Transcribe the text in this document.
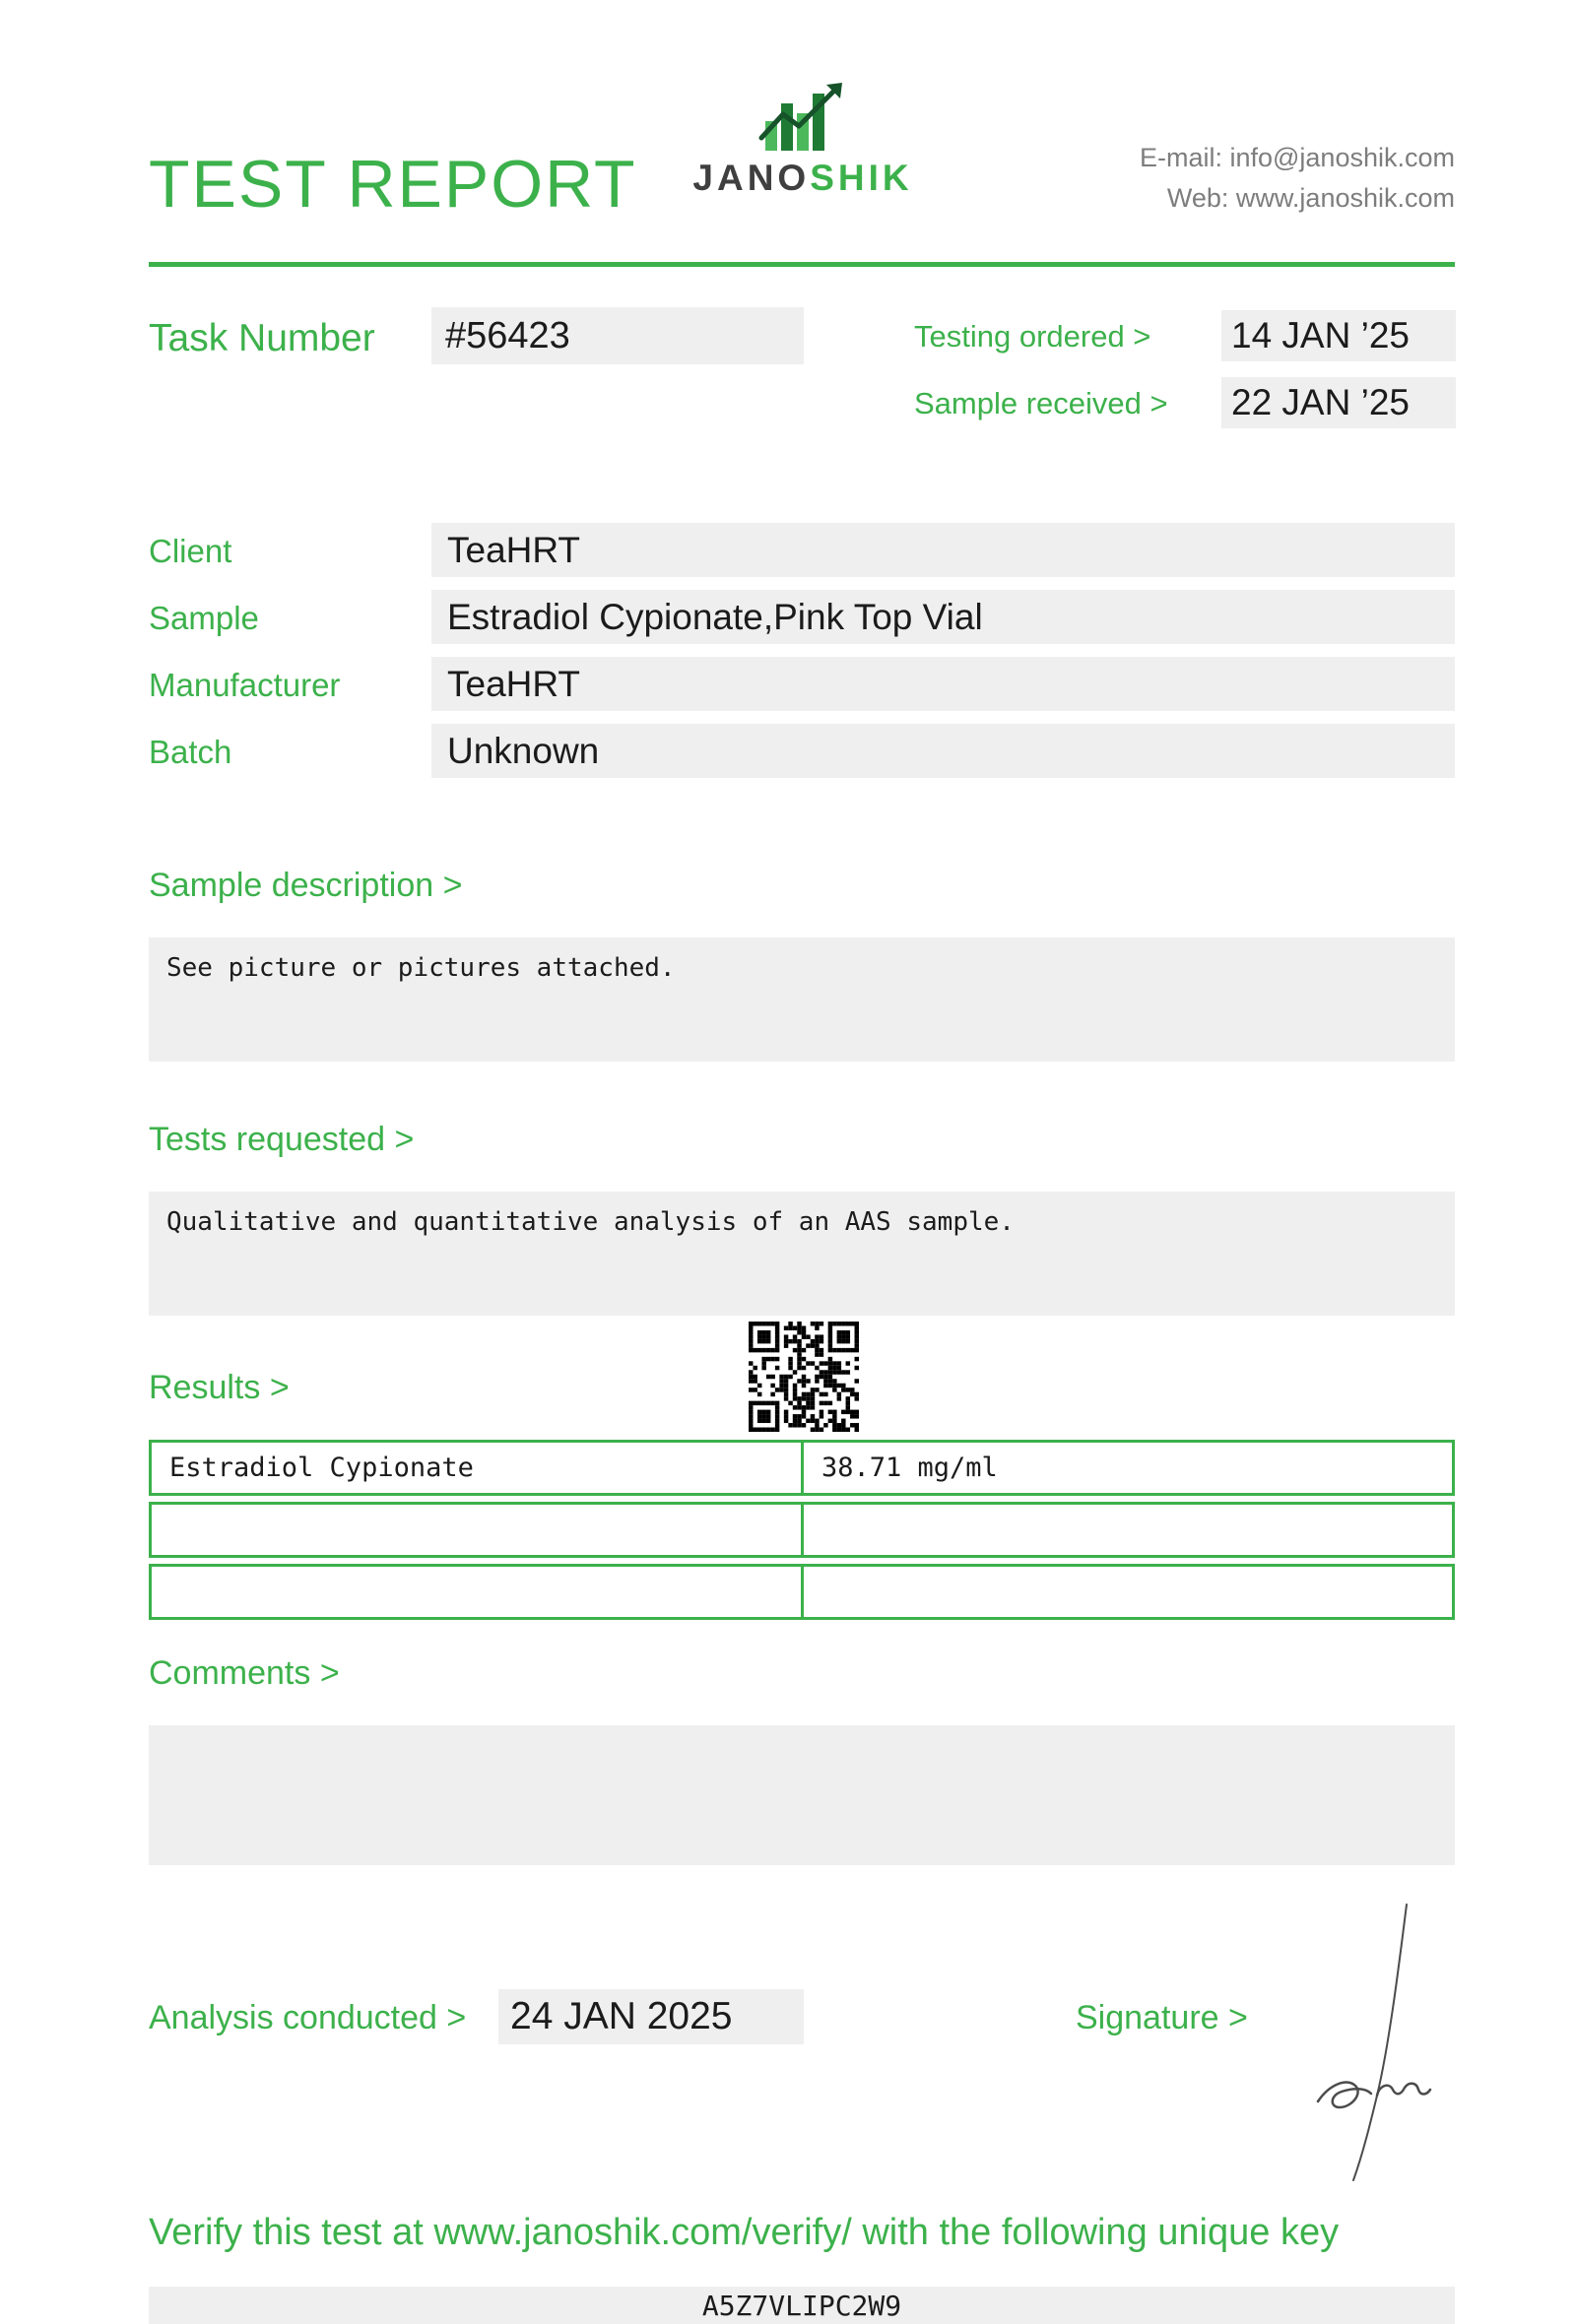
TEST REPORT	JANOSHIK	E-mail: info@janoshik.com
Web: www.janoshik.com
Task Number	#56423	Testing ordered > 14 JAN ’25
Sample received > 22 JAN ’25
Client	TeaHRT
Sample	Estradiol Cypionate,Pink Top Vial
Manufacturer	TeaHRT
Batch	Unknown
Sample description >
See picture or pictures attached.
Tests requested >
Qualitative and quantitative analysis of an AAS sample.
Results >
Estradiol Cypionate	38.71 mg/ml
Comments >
Analysis conducted >	24 JAN 2025	Signature >
Verify this test at www.janoshik.com/verify/ with the following unique key
A5Z7VLIPC2W9
